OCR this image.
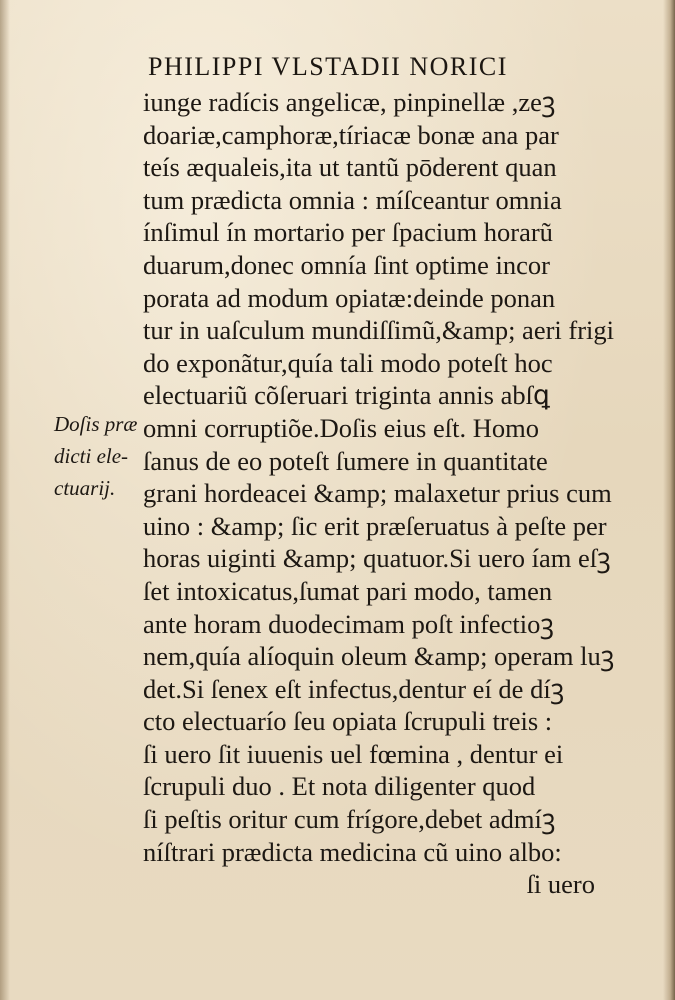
PHILIPPI VLSTADII NORICI
Doſis præ
dicti ele-
ctuarij.
iunge radícis angelicæ, pinpinellæ ,zeꝫ
doariæ,camphoræ,tíriacæ bonæ ana par
teís æqualeis,ita ut tantũ pōderent quan
tum prædicta omnia : míſceantur omnia
ínſimul ín mortario per ſpacium horarũ
duarum,donec omnía ſint optime incor
porata ad modum opiatæ:deinde ponan
tur in uaſculum mundiſſimũ,&amp; aeri frigi
do exponãtur,quía tali modo poteſt hoc
electuariũ cõſeruari triginta annis abſꝗ
omni corruptiõe.Doſis eius eſt. Homo
ſanus de eo poteſt ſumere in quantitate
grani hordeacei &amp; malaxetur prius cum
uino : &amp; ſic erit præſeruatus à peſte per
horas uiginti &amp; quatuor.Si uero íam eſꝫ
ſet intoxicatus,ſumat pari modo, tamen
ante horam duodecimam poſt infectioꝫ
nem,quía alíoquin oleum &amp; operam luꝫ
det.Si ſenex eſt infectus,dentur eí de díꝫ
cto electuarío ſeu opiata ſcrupuli treis :
ſi uero ſit iuuenis uel fœmina , dentur ei
ſcrupuli duo . Et nota diligenter quod
ſi peſtis oritur cum frígore,debet admíꝫ
níſtrari prædicta medicina cũ uino albo:
ſi uero
